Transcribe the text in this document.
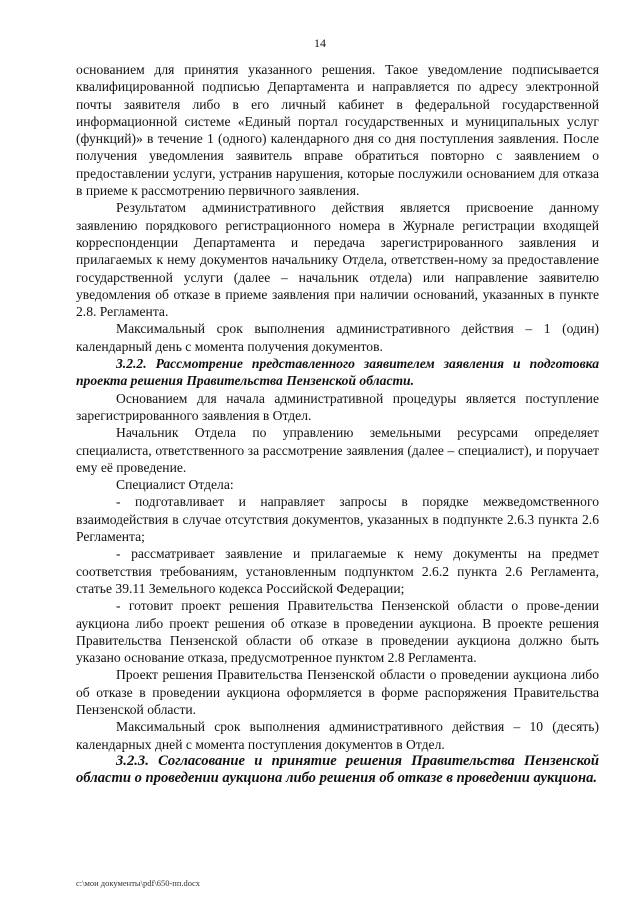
14

основанием для принятия указанного решения. Такое уведомление подписывается квалифицированной подписью Департамента и направляется по адресу электронной почты заявителя либо в его личный кабинет в федеральной государственной информационной системе «Единый портал государственных и муниципальных услуг (функций)» в течение 1 (одного) календарного дня со дня поступления заявления. После получения уведомления заявитель вправе обратиться повторно с заявлением о предоставлении услуги, устранив нарушения, которые послужили основанием для отказа в приеме к рассмотрению первичного заявления.

Результатом административного действия является присвоение данному заявлению порядкового регистрационного номера в Журнале регистрации входящей корреспонденции Департамента и передача зарегистрированного заявления и прилагаемых к нему документов начальнику Отдела, ответствен-ному за предоставление государственной услуги (далее – начальник отдела) или направление заявителю уведомления об отказе в приеме заявления при наличии оснований, указанных в пункте 2.8. Регламента.

Максимальный срок выполнения административного действия – 1 (один) календарный день с момента получения документов.

3.2.2. Рассмотрение представленного заявителем заявления и подготовка проекта решения Правительства Пензенской области.

Основанием для начала административной процедуры является поступление зарегистрированного заявления в Отдел.

Начальник Отдела по управлению земельными ресурсами определяет специалиста, ответственного за рассмотрение заявления (далее – специалист), и поручает ему её проведение.

Специалист Отдела:

- подготавливает и направляет запросы в порядке межведомственного взаимодействия в случае отсутствия документов, указанных в подпункте 2.6.3 пункта 2.6 Регламента;

- рассматривает заявление и прилагаемые к нему документы на предмет соответствия требованиям, установленным подпунктом 2.6.2 пункта 2.6 Регламента, статье 39.11 Земельного кодекса Российской Федерации;

- готовит проект решения Правительства Пензенской области о прове-дении аукциона либо проект решения об отказе в проведении аукциона. В проекте решения Правительства Пензенской области об отказе в проведении аукциона должно быть указано основание отказа, предусмотренное пунктом 2.8 Регламента.

Проект решения Правительства Пензенской области о проведении аукциона либо об отказе в проведении аукциона оформляется в форме распоряжения Правительства Пензенской области.

Максимальный срок выполнения административного действия – 10 (десять) календарных дней с момента поступления документов в Отдел.

3.2.3. Согласование и принятие решения Правительства Пензенской области о проведении аукциона либо решения об отказе в проведении аукциона.

c:\мои документы\pdf\650-пп.docx
